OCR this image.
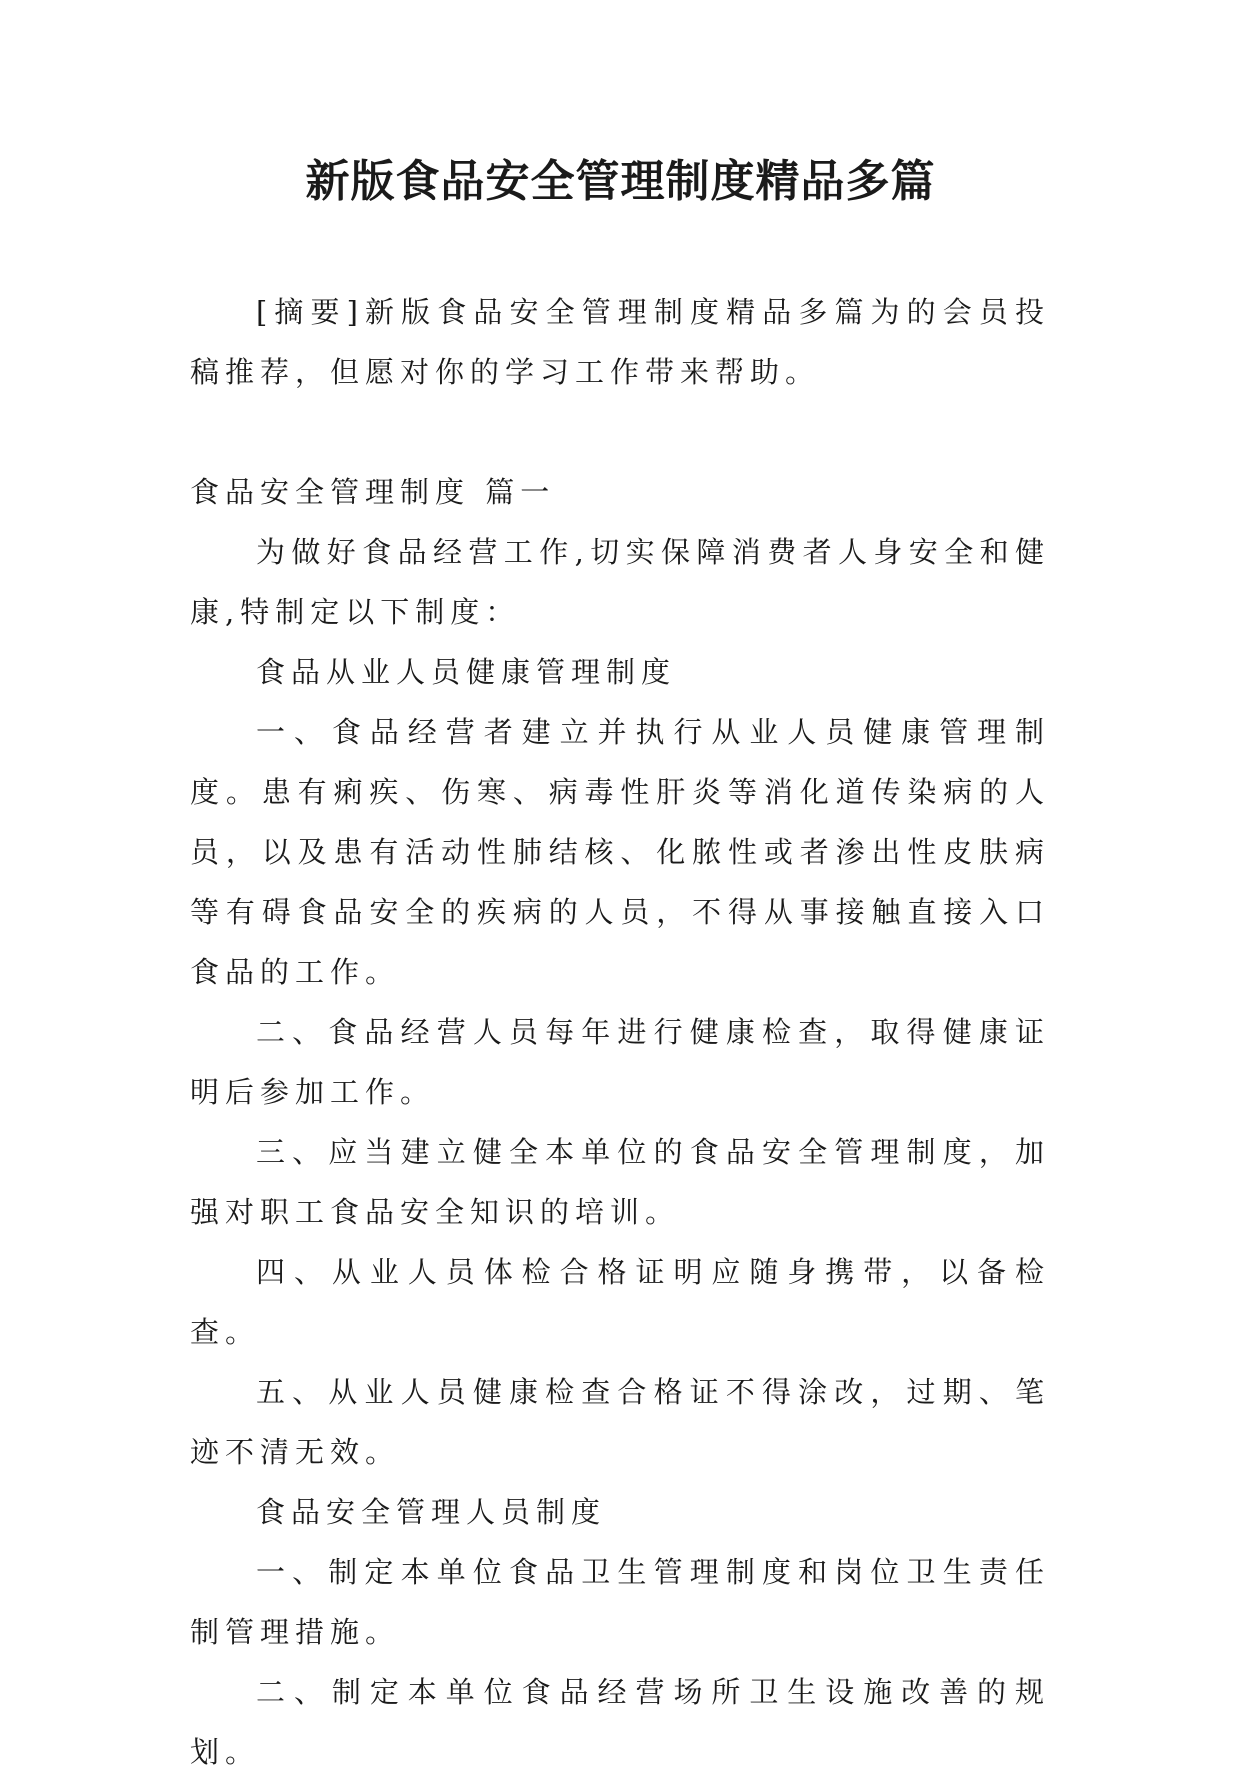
新版食品安全管理制度精品多篇

[摘要]新版食品安全管理制度精品多篇为的会员投稿推荐，但愿对你的学习工作带来帮助。

食品安全管理制度 篇一

为做好食品经营工作,切实保障消费者人身安全和健康,特制定以下制度：

食品从业人员健康管理制度

一、食品经营者建立并执行从业人员健康管理制度。患有痢疾、伤寒、病毒性肝炎等消化道传染病的人员，以及患有活动性肺结核、化脓性或者渗出性皮肤病等有碍食品安全的疾病的人员，不得从事接触直接入口食品的工作。

二、食品经营人员每年进行健康检查，取得健康证明后参加工作。

三、应当建立健全本单位的食品安全管理制度，加强对职工食品安全知识的培训。

四、从业人员体检合格证明应随身携带，以备检查。

五、从业人员健康检查合格证不得涂改，过期、笔迹不清无效。

食品安全管理人员制度

一、制定本单位食品卫生管理制度和岗位卫生责任制管理措施。

二、制定本单位食品经营场所卫生设施改善的规划。
